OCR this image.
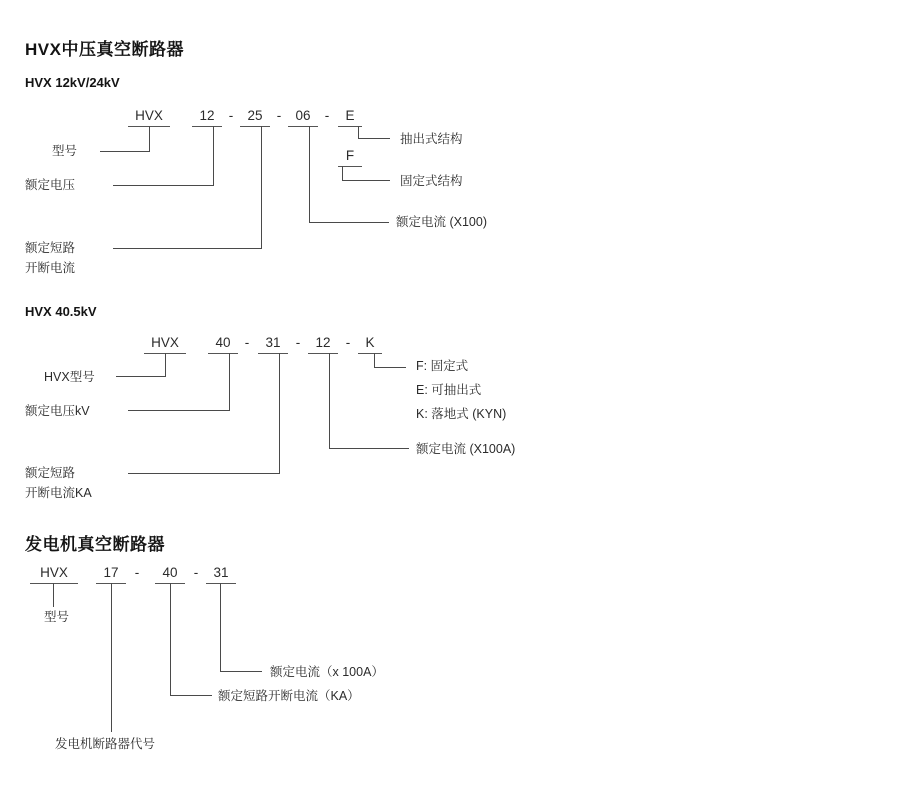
HVX中压真空断路器
HVX 12kV/24kV
HVX	12	-	25	-	06	-	E
F
型号
额定电压
额定短路
开断电流
额定电流 (X100)
抽出式结构
固定式结构
HVX 40.5kV
HVX	40	-	31	-	12	-	K
HVX型号
额定电压kV
额定短路
开断电流KA
额定电流 (X100A)
F: 固定式
E: 可抽出式
K: 落地式 (KYN)
发电机真空断路器
HVX	17	-	40	-	31
型号
发电机断路器代号
额定短路开断电流（KA）
额定电流（x 100A）
